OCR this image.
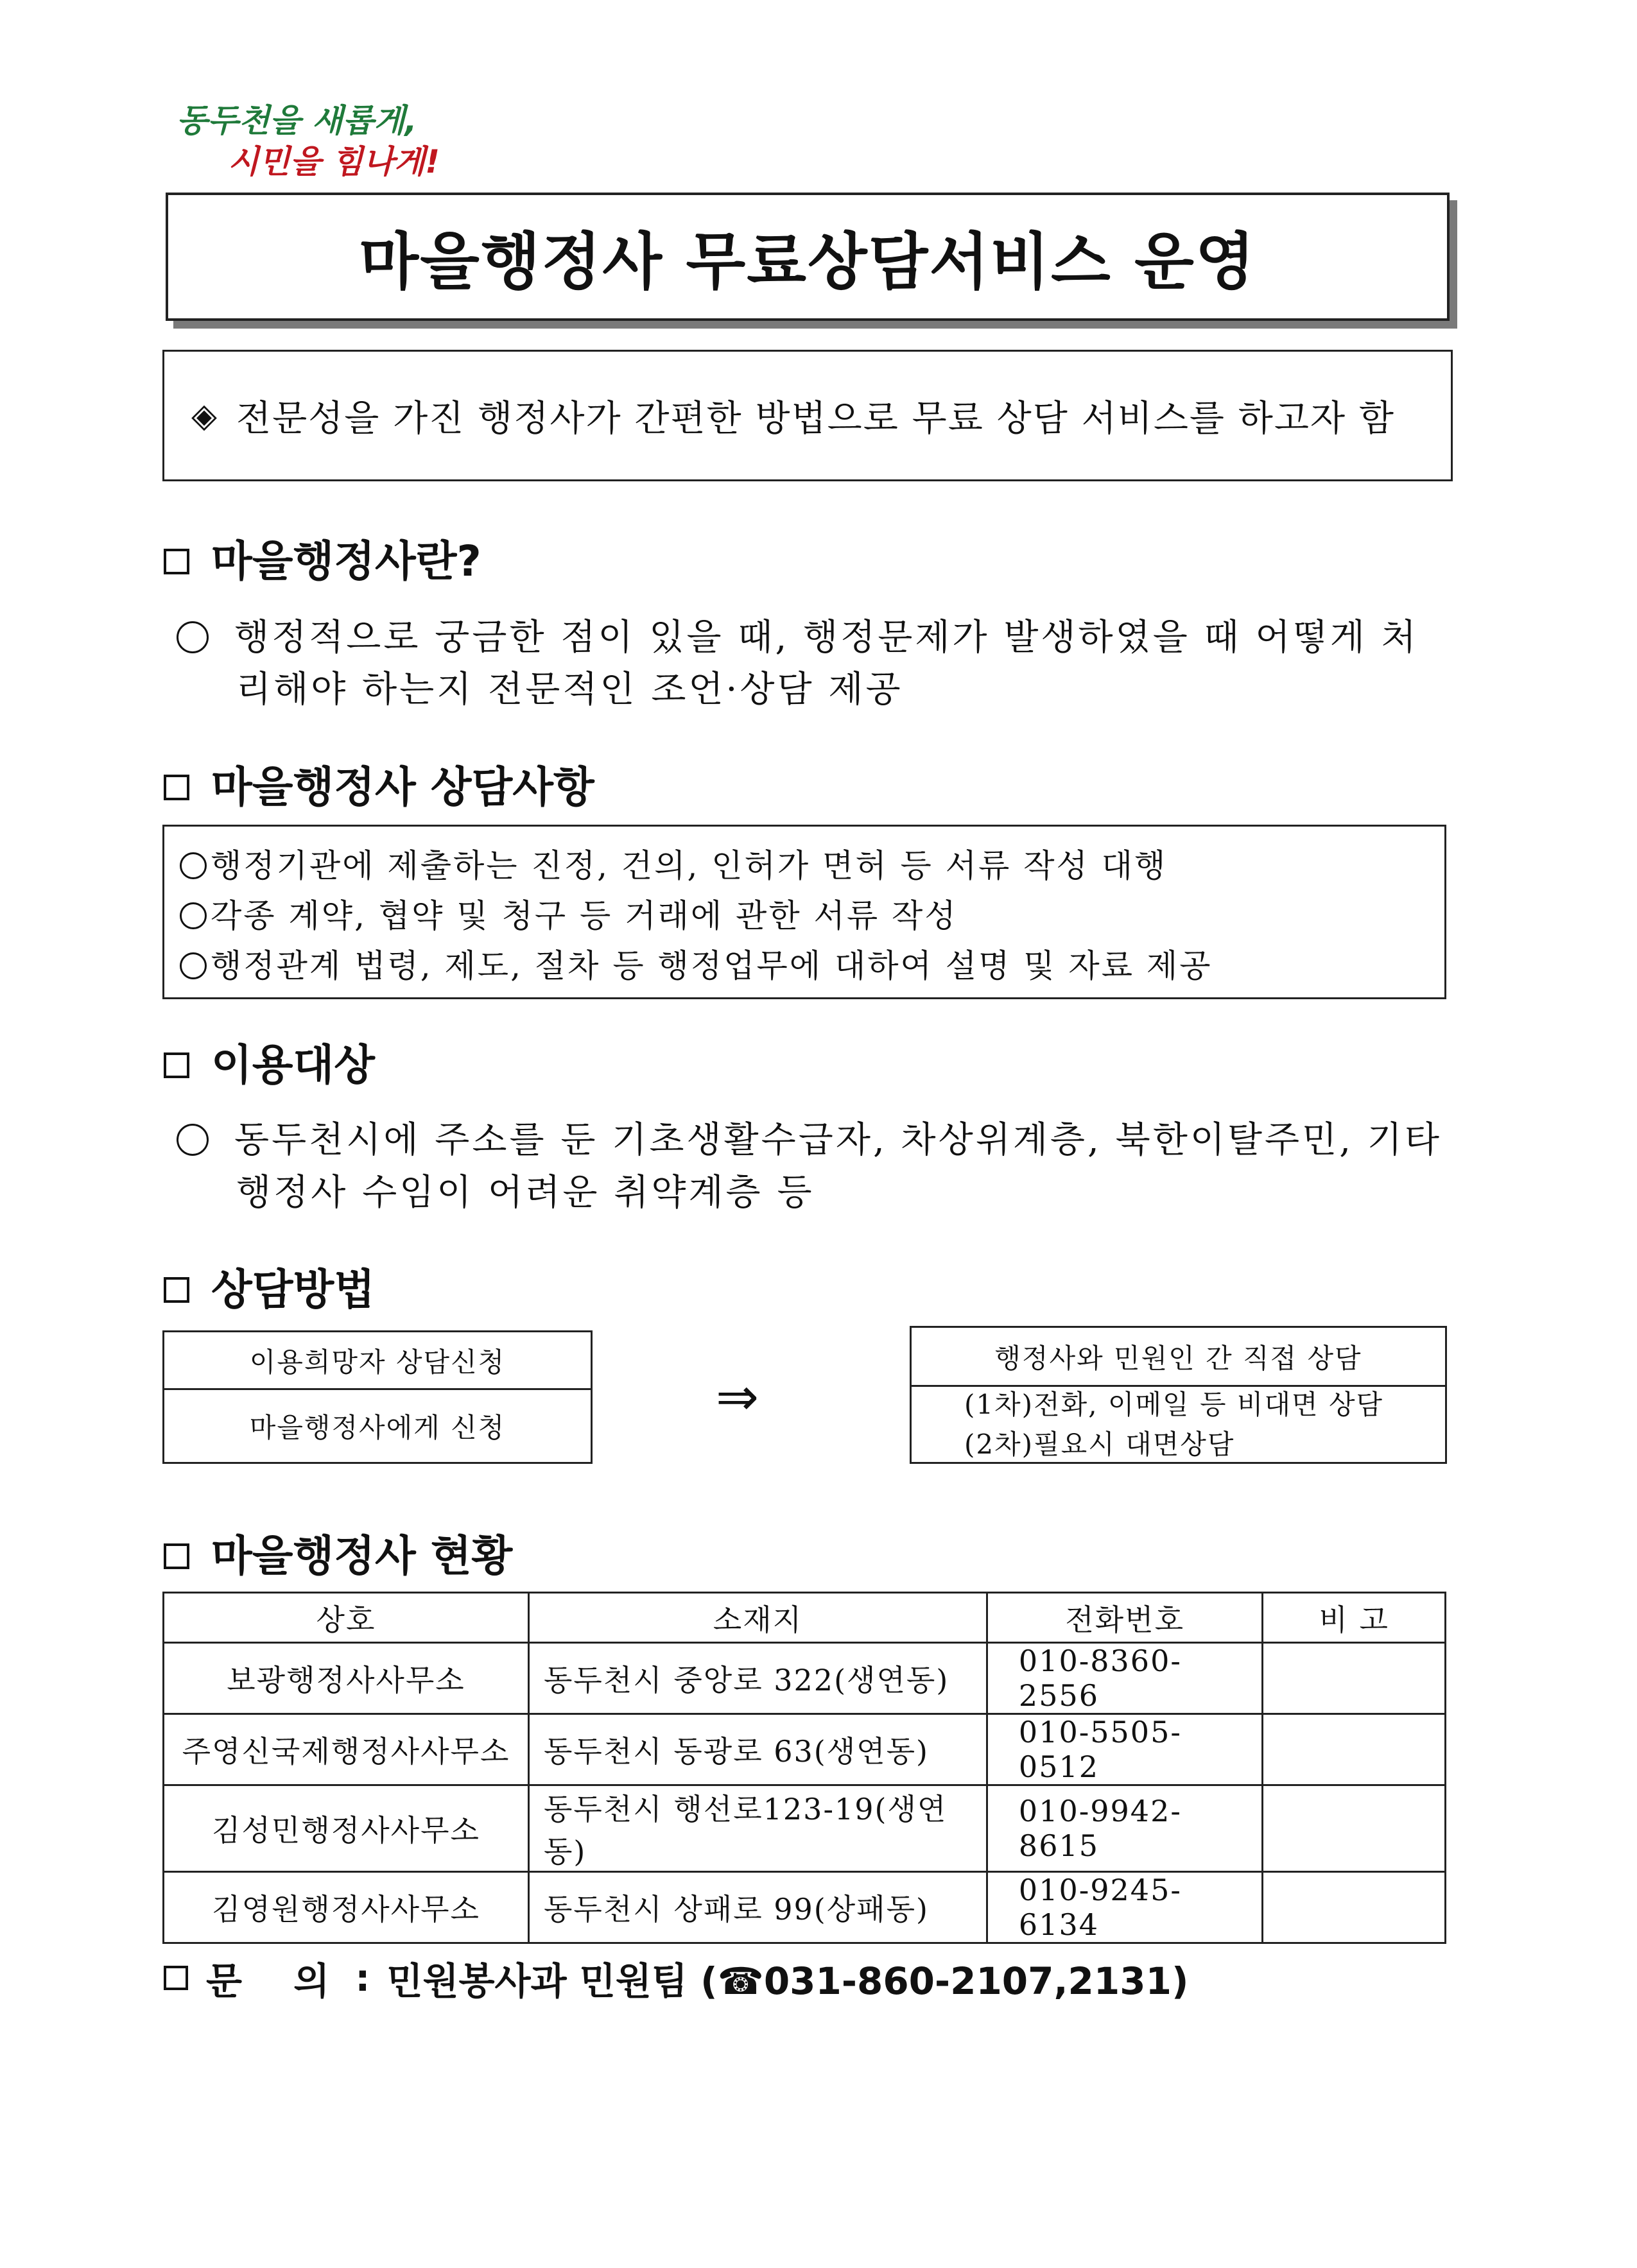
동두천을 새롭게,
시민을 힘나게!
마을행정사 무료상담서비스 운영
◈ 전문성을 가진 행정사가 간편한 방법으로 무료 상담 서비스를 하고자 함
마을행정사란?
행정적으로 궁금한 점이 있을 때, 행정문제가 발생하였을 때 어떻게 처
리해야 하는지 전문적인 조언·상담 제공
마을행정사 상담사항
행정기관에 제출하는 진정, 건의, 인허가 면허 등 서류 작성 대행
각종 계약, 협약 및 청구 등 거래에 관한 서류 작성
행정관계 법령, 제도, 절차 등 행정업무에 대하여 설명 및 자료 제공
이용대상
동두천시에 주소를 둔 기초생활수급자, 차상위계층, 북한이탈주민, 기타
행정사 수임이 어려운 취약계층 등
상담방법
이용희망자 상담신청
마을행정사에게 신청
⇒
행정사와 민원인 간 직접 상담
(1차)전화, 이메일 등 비대면 상담
(2차)필요시 대면상담
마을행정사 현황
상호	소재지	전화번호	비 고
보광행정사사무소	동두천시 중앙로 322(생연동)	010-8360-2556	
주영신국제행정사사무소	동두천시 동광로 63(생연동)	010-5505-0512	
김성민행정사사무소	동두천시 행선로123-19(생연동)	010-9942-8615	
김영원행정사사무소	동두천시 상패로 99(상패동)	010-9245-6134	
문 의 : 민원봉사과 민원팀 (☎031-860-2107,2131)
